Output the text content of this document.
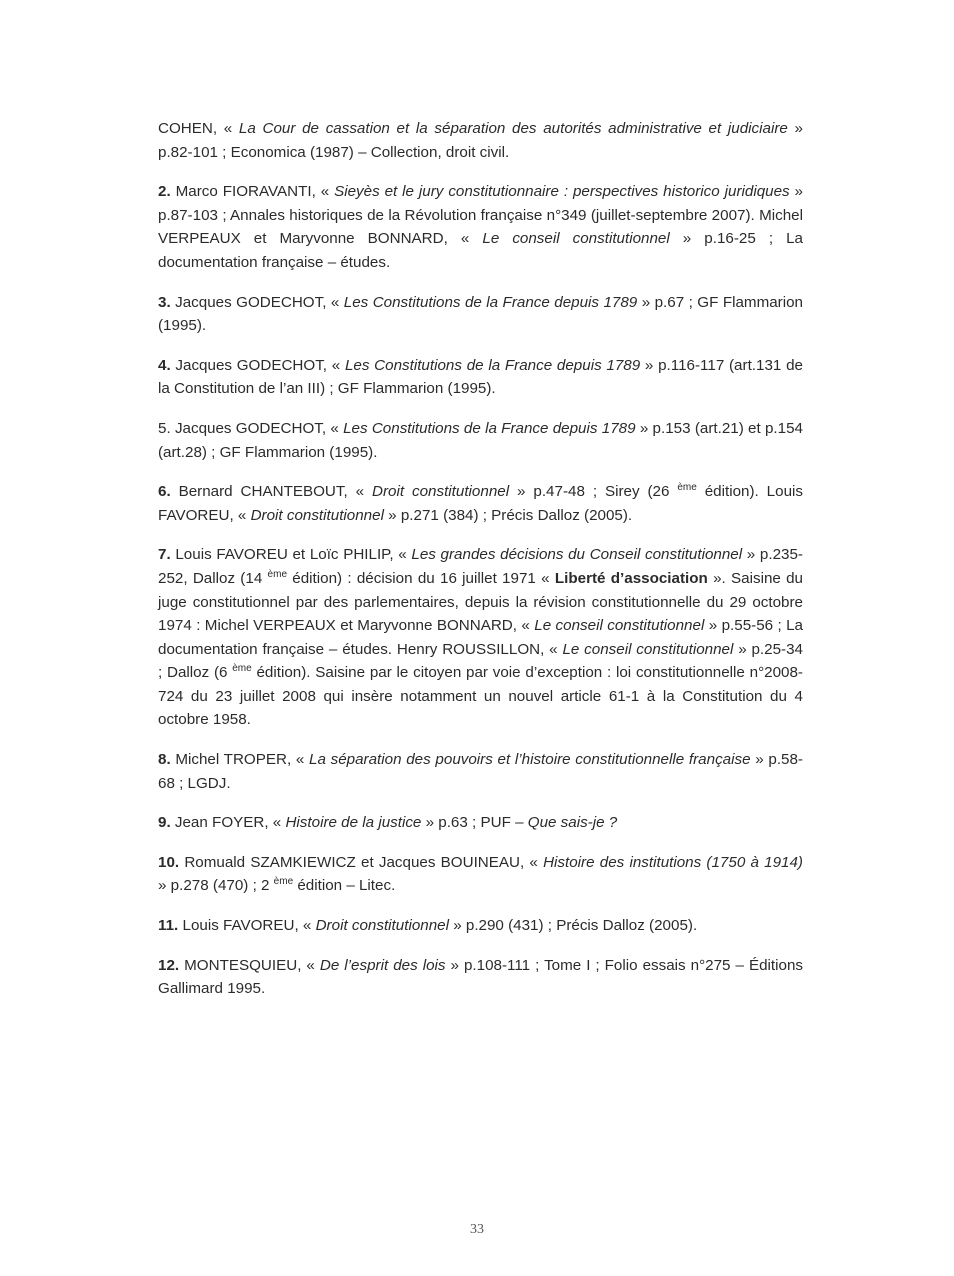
COHEN, « La Cour de cassation et la séparation des autorités administrative et judiciaire » p.82-101 ; Economica (1987) – Collection, droit civil.

2. Marco FIORAVANTI, « Sieyès et le jury constitutionnaire : perspectives historico juridiques » p.87-103 ; Annales historiques de la Révolution française n°349 (juillet-septembre 2007). Michel VERPEAUX et Maryvonne BONNARD, « Le conseil constitutionnel » p.16-25 ; La documentation française – études.

3. Jacques GODECHOT, « Les Constitutions de la France depuis 1789 » p.67 ; GF Flammarion (1995).

4. Jacques GODECHOT, « Les Constitutions de la France depuis 1789 » p.116-117 (art.131 de la Constitution de l’an III) ; GF Flammarion (1995).

5. Jacques GODECHOT, « Les Constitutions de la France depuis 1789 » p.153 (art.21) et p.154 (art.28) ; GF Flammarion (1995).

6. Bernard CHANTEBOUT, « Droit constitutionnel » p.47-48 ; Sirey (26 $^{ème}$ édition). Louis FAVOREU, « Droit constitutionnel » p.271 (384) ; Précis Dalloz (2005).

7. Louis FAVOREU et Loïc PHILIP, « Les grandes décisions du Conseil constitutionnel » p.235-252, Dalloz (14 $^{ème}$ édition) : décision du 16 juillet 1971 « Liberté d’association ». Saisine du juge constitutionnel par des parlementaires, depuis la révision constitutionnelle du 29 octobre 1974 : Michel VERPEAUX et Maryvonne BONNARD, « Le conseil constitutionnel » p.55-56 ; La documentation française – études. Henry ROUSSILLON, « Le conseil constitutionnel » p.25-34 ; Dalloz (6 $^{ème}$ édition). Saisine par le citoyen par voie d’exception : loi constitutionnelle n°2008-724 du 23 juillet 2008 qui insère notamment un nouvel article 61-1 à la Constitution du 4 octobre 1958.

8. Michel TROPER, « La séparation des pouvoirs et l’histoire constitutionnelle française » p.58-68 ; LGDJ.

9. Jean FOYER, « Histoire de la justice » p.63 ; PUF – Que sais-je ?

10. Romuald SZAMKIEWICZ et Jacques BOUINEAU, « Histoire des institutions (1750 à 1914) » p.278 (470) ; 2 $^{ème}$ édition – Litec.

11. Louis FAVOREU, « Droit constitutionnel » p.290 (431) ; Précis Dalloz (2005).

12. MONTESQUIEU, « De l’esprit des lois » p.108-111 ; Tome I ; Folio essais n°275 – Éditions Gallimard 1995.

33
